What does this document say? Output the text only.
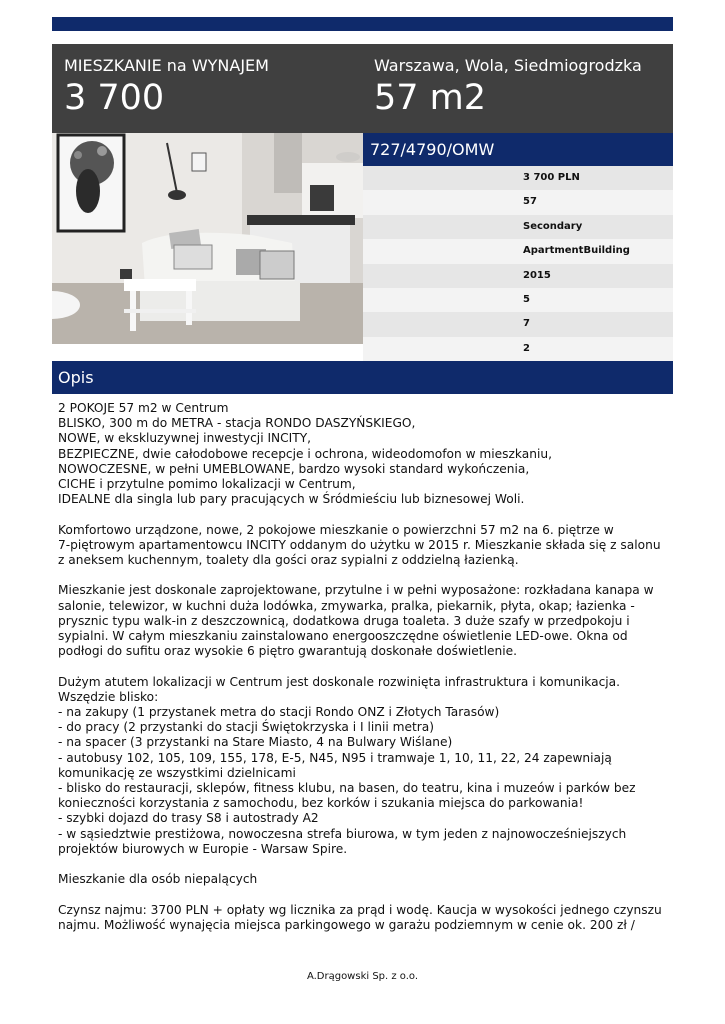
MIESZKANIE na WYNAJEM
3 700
Warszawa, Wola, Siedmiogrodzka
57 m2
727/4790/OMW
3 700 PLN
57
Secondary
ApartmentBuilding
2015
5
7
2
Opis

2 POKOJE 57 m2 w Centrum
BLISKO, 300 m do METRA - stacja RONDO DASZYŃSKIEGO,
NOWE, w ekskluzywnej inwestycji INCITY,
BEZPIECZNE, dwie całodobowe recepcje i ochrona, wideodomofon w mieszkaniu,
NOWOCZESNE, w pełni UMEBLOWANE, bardzo wysoki standard wykończenia,
CICHE i przytulne pomimo lokalizacji w Centrum,
IDEALNE dla singla lub pary pracujących w Śródmieściu lub biznesowej Woli.

Komfortowo urządzone, nowe, 2 pokojowe mieszkanie o powierzchni 57 m2 na 6. piętrze w
7-piętrowym apartamentowcu INCITY oddanym do użytku w 2015 r. Mieszkanie składa się z salonu
z aneksem kuchennym, toalety dla gości oraz sypialni z oddzielną łazienką.

Mieszkanie jest doskonale zaprojektowane, przytulne i w pełni wyposażone: rozkładana kanapa w
salonie, telewizor, w kuchni duża lodówka, zmywarka, pralka, piekarnik, płyta, okap; łazienka -
prysznic typu walk-in z deszczownicą, dodatkowa druga toaleta. 3 duże szafy w przedpokoju i
sypialni. W całym mieszkaniu zainstalowano energooszczędne oświetlenie LED-owe. Okna od
podłogi do sufitu oraz wysokie 6 piętro gwarantują doskonałe doświetlenie.

Dużym atutem lokalizacji w Centrum jest doskonale rozwinięta infrastruktura i komunikacja.
Wszędzie blisko:
- na zakupy (1 przystanek metra do stacji Rondo ONZ i Złotych Tarasów)
- do pracy (2 przystanki do stacji Świętokrzyska i I linii metra)
- na spacer (3 przystanki na Stare Miasto, 4 na Bulwary Wiślane)
- autobusy 102, 105, 109, 155, 178, E-5, N45, N95 i tramwaje 1, 10, 11, 22, 24 zapewniają
komunikację ze wszystkimi dzielnicami
- blisko do restauracji, sklepów, fitness klubu, na basen, do teatru, kina i muzeów i parków bez
konieczności korzystania z samochodu, bez korków i szukania miejsca do parkowania!
- szybki dojazd do trasy S8 i autostrady A2
- w sąsiedztwie prestiżowa, nowoczesna strefa biurowa, w tym jeden z najnowocześniejszych
projektów biurowych w Europie - Warsaw Spire.

Mieszkanie dla osób niepalących

Czynsz najmu: 3700 PLN + opłaty wg licznika za prąd i wodę. Kaucja w wysokości jednego czynszu
najmu. Możliwość wynajęcia miejsca parkingowego w garażu podziemnym w cenie ok. 200 zł /

A.Drągowski Sp. z o.o.
